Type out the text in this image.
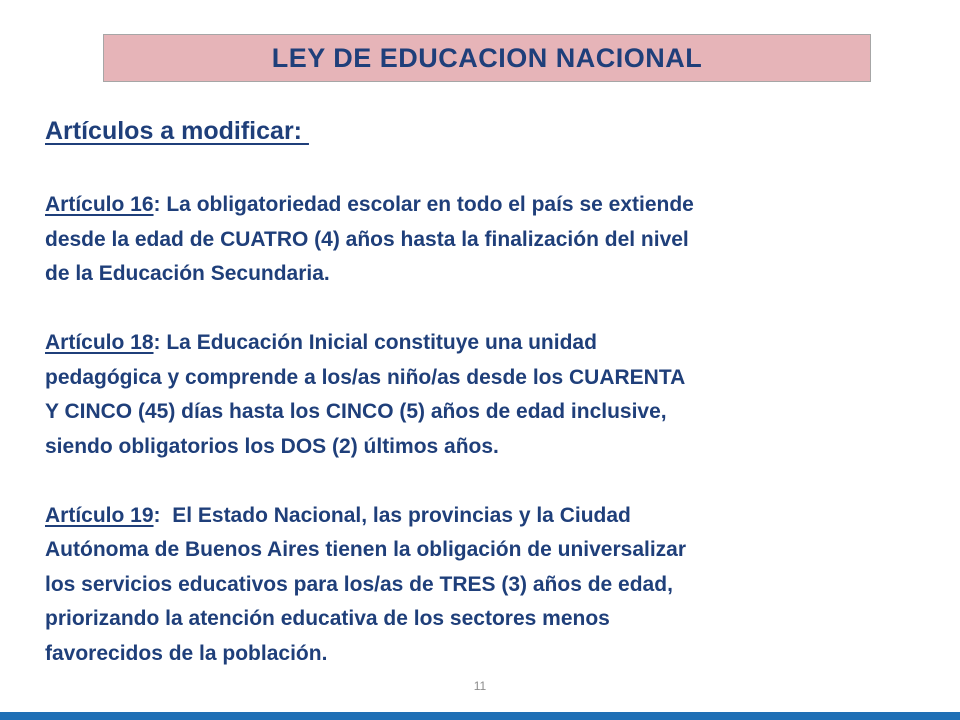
LEY DE EDUCACION NACIONAL
Artículos a modificar:

Artículo 16: La obligatoriedad escolar en todo el país se extiende
desde la edad de CUATRO (4) años hasta la finalización del nivel
de la Educación Secundaria.

Artículo 18: La Educación Inicial constituye una unidad
pedagógica y comprende a los/as niño/as desde los CUARENTA
Y CINCO (45) días hasta los CINCO (5) años de edad inclusive,
siendo obligatorios los DOS (2) últimos años.

Artículo 19:  El Estado Nacional, las provincias y la Ciudad
Autónoma de Buenos Aires tienen la obligación de universalizar
los servicios educativos para los/as de TRES (3) años de edad,
priorizando la atención educativa de los sectores menos
favorecidos de la población.

11
